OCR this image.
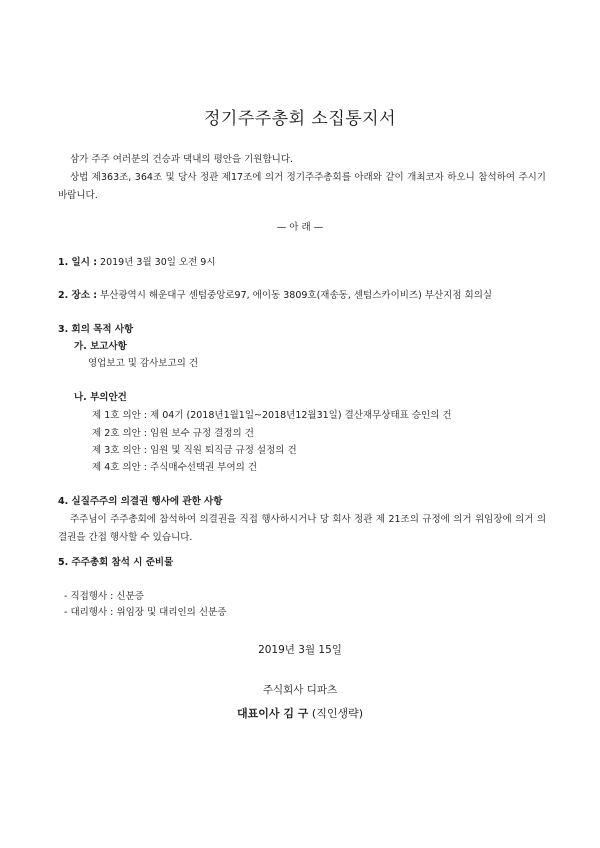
정기주주총회 소집통지서
삼가 주주 여러분의 건승과 댁내의 평안을 기원합니다.
상법 제363조, 364조 및 당사 정관 제17조에 의거 정기주주총회를 아래와 같이 개최코자 하오니 참석하여 주시기 바랍니다.
— 아 래 —
1. 일시 : 2019년 3월 30일 오전 9시
2. 장소 : 부산광역시 해운대구 센텀중앙로97, 에이동 3809호(재송동, 센텀스카이비즈) 부산지점 회의실
3. 회의 목적 사항
가. 보고사항
영업보고 및 감사보고의 건
나. 부의안건
제 1호 의안 : 제 04기 (2018년1월1일~2018년12월31일) 결산재무상태표 승인의 건
제 2호 의안 : 임원 보수 규정 결정의 건
제 3호 의안 : 임원 및 직원 퇴직금 규정 설정의 건
제 4호 의안 : 주식매수선택권 부여의 건
4. 실질주주의 의결권 행사에 관한 사항
주주님이 주주총회에 참석하여 의결권을 직접 행사하시거나 당 회사 정관 제 21조의 규정에 의거 위임장에 의거 의결권을 간접 행사할 수 있습니다.
5. 주주총회 참석 시 준비물
- 직접행사 : 신분증
- 대리행사 : 위임장 및 대리인의 신분증
2019년 3월 15일
주식회사 디파츠
대표이사 김 구 (직인생략)
